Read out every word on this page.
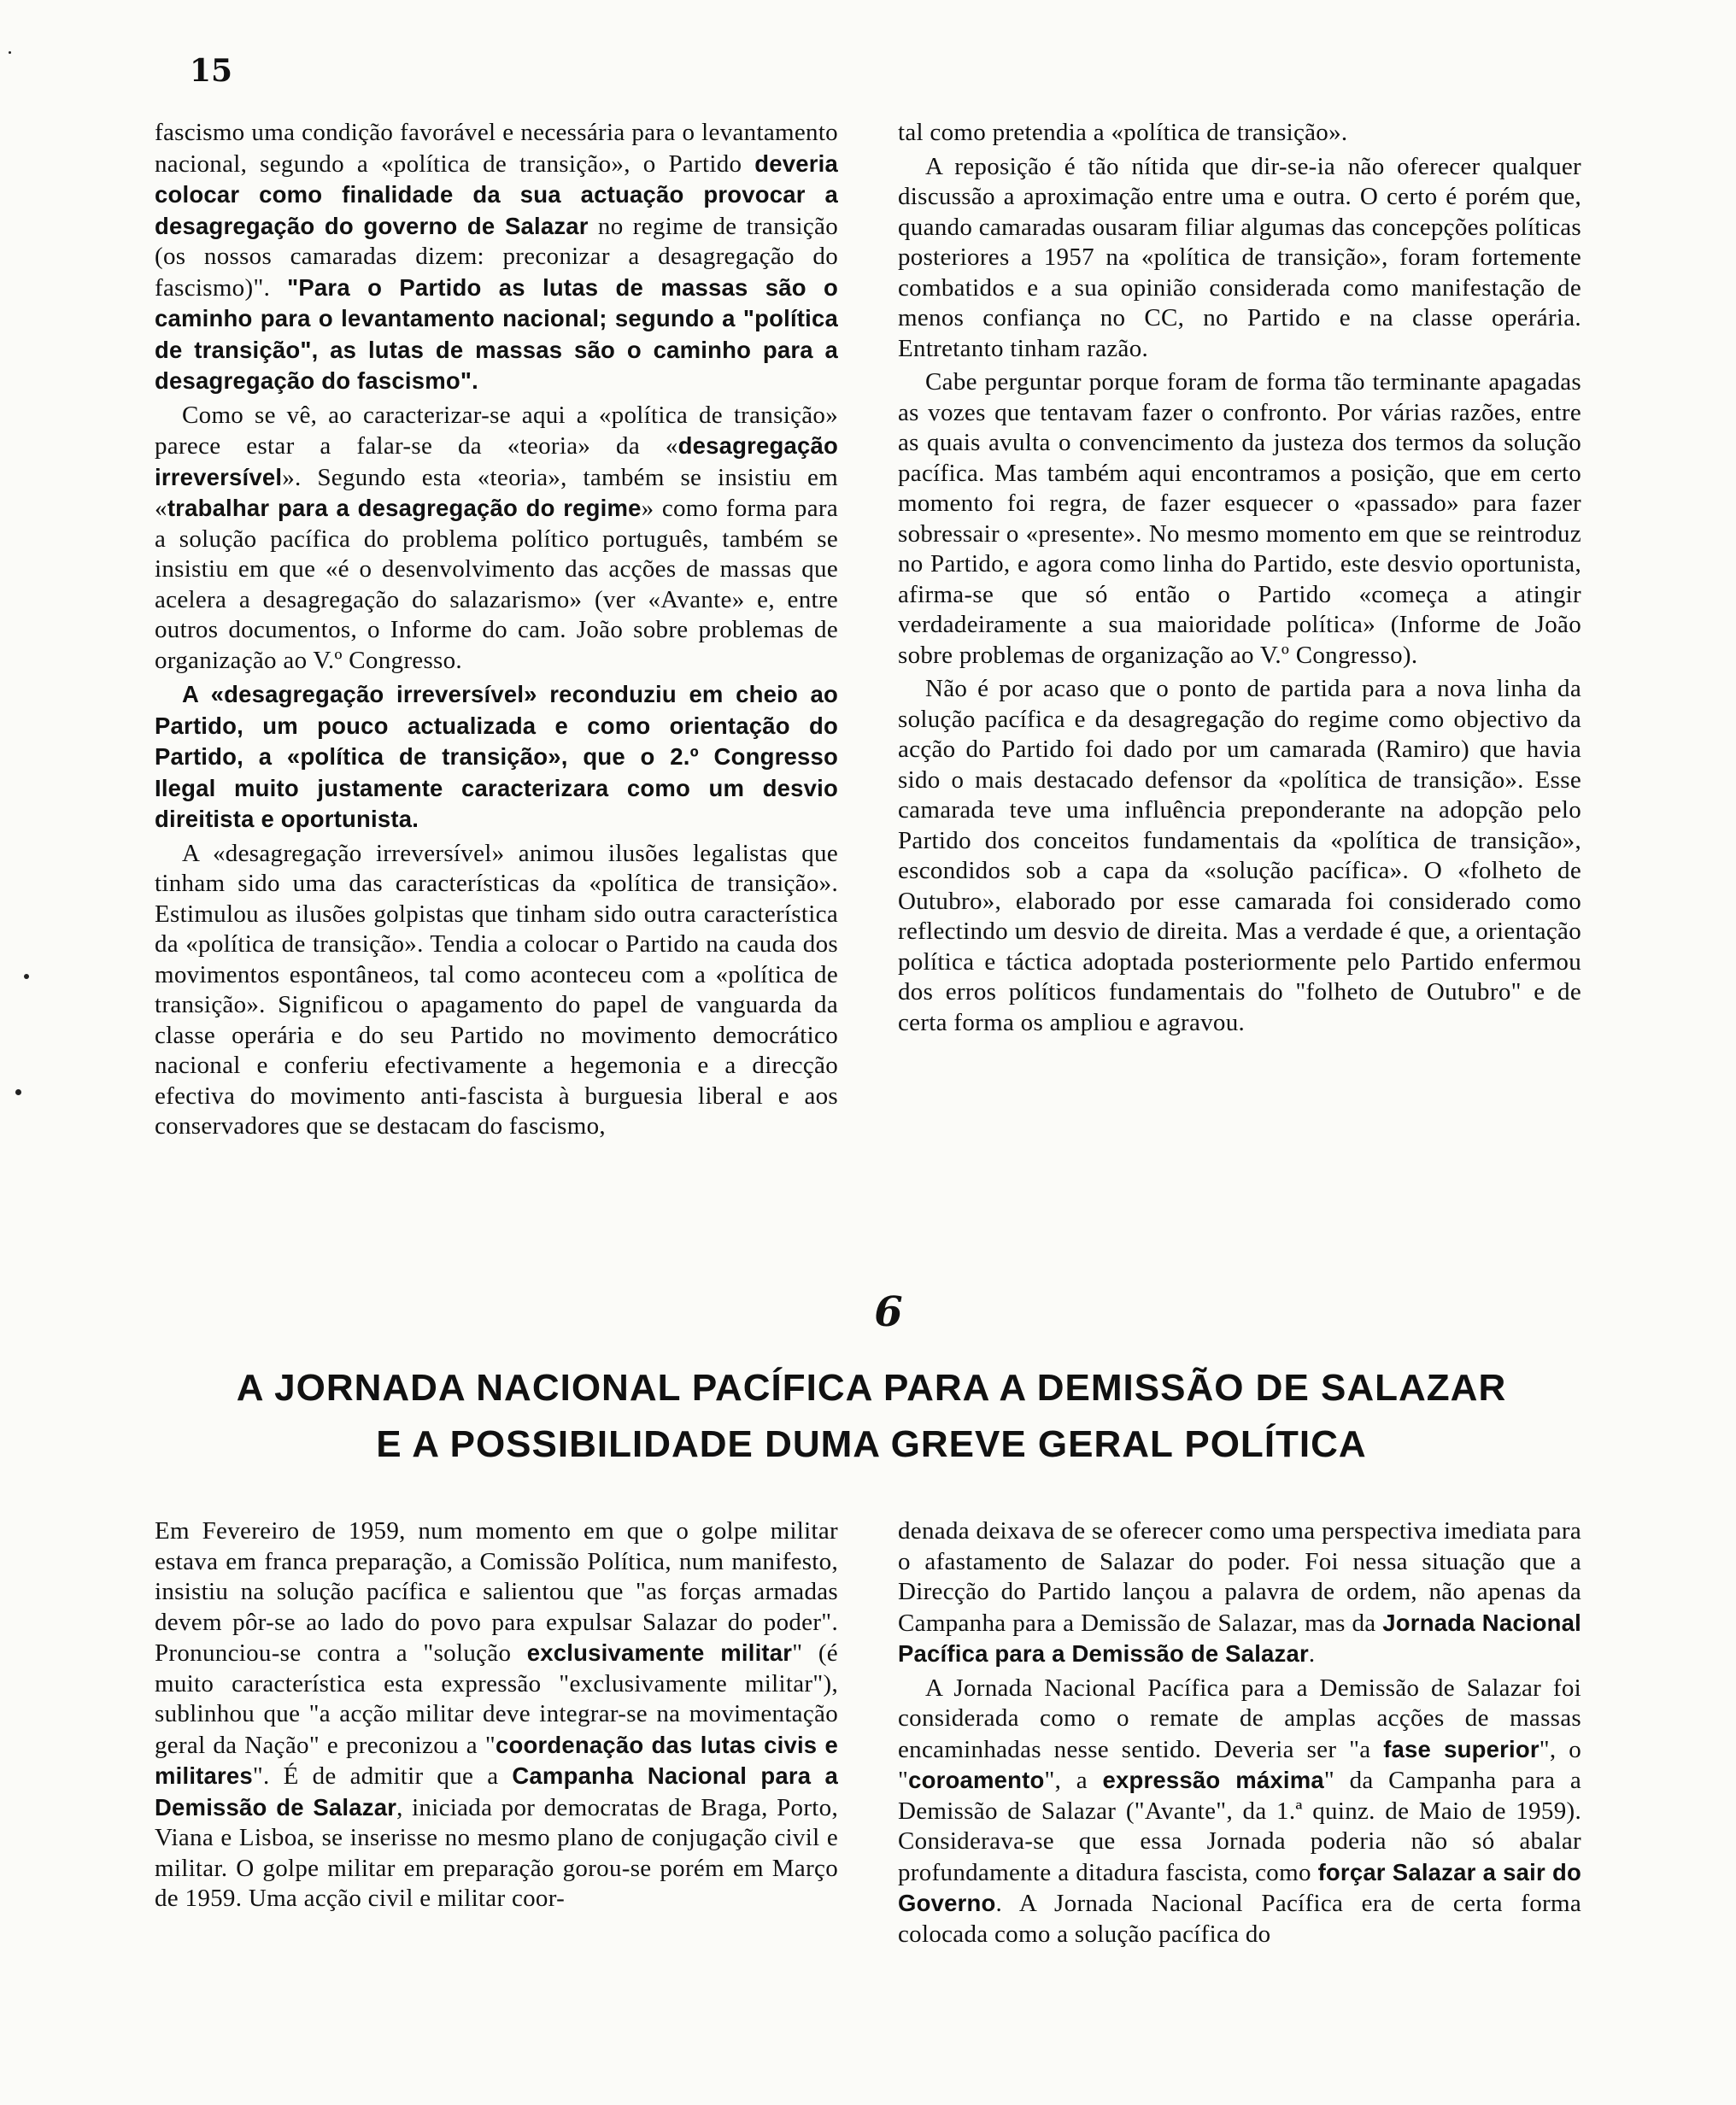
15

fascismo uma condição favorável e necessária para o levantamento nacional, segundo a «política de transição», o Partido deveria colocar como finalidade da sua actuação provocar a desagregação do governo de Salazar no regime de transição (os nossos camaradas dizem: preconizar a desagregação do fascismo)". "Para o Partido as lutas de massas são o caminho para o levantamento nacional; segundo a "política de transição", as lutas de massas são o caminho para a desagregação do fascismo".

Como se vê, ao caracterizar-se aqui a «política de transição» parece estar a falar-se da «teoria» da «desagregação irreversível». Segundo esta «teoria», também se insistiu em «trabalhar para a desagregação do regime» como forma para a solução pacífica do problema político português, também se insistiu em que «é o desenvolvimento das acções de massas que acelera a desagregação do salazarismo» (ver «Avante» e, entre outros documentos, o Informe do cam. João sobre problemas de organização ao V.º Congresso.

A «desagregação irreversível» reconduziu em cheio ao Partido, um pouco actualizada e como orientação do Partido, a «política de transição», que o 2.º Congresso Ilegal muito justamente caracterizara como um desvio direitista e oportunista.

A «desagregação irreversível» animou ilusões legalistas que tinham sido uma das características da «política de transição». Estimulou as ilusões golpistas que tinham sido outra característica da «política de transição». Tendia a colocar o Partido na cauda dos movimentos espontâneos, tal como aconteceu com a «política de transição». Significou o apagamento do papel de vanguarda da classe operária e do seu Partido no movimento democrático nacional e conferiu efectivamente a hegemonia e a direcção efectiva do movimento anti-fascista à burguesia liberal e aos conservadores que se destacam do fascismo,

tal como pretendia a «política de transição».

A reposição é tão nítida que dir-se-ia não oferecer qualquer discussão a aproximação entre uma e outra. O certo é porém que, quando camaradas ousaram filiar algumas das concepções políticas posteriores a 1957 na «política de transição», foram fortemente combatidos e a sua opinião considerada como manifestação de menos confiança no CC, no Partido e na classe operária. Entretanto tinham razão.

Cabe perguntar porque foram de forma tão terminante apagadas as vozes que tentavam fazer o confronto. Por várias razões, entre as quais avulta o convencimento da justeza dos termos da solução pacífica. Mas também aqui encontramos a posição, que em certo momento foi regra, de fazer esquecer o «passado» para fazer sobressair o «presente». No mesmo momento em que se reintroduz no Partido, e agora como linha do Partido, este desvio oportunista, afirma-se que só então o Partido «começa a atingir verdadeiramente a sua maioridade política» (Informe de João sobre problemas de organização ao V.º Congresso).

Não é por acaso que o ponto de partida para a nova linha da solução pacífica e da desagregação do regime como objectivo da acção do Partido foi dado por um camarada (Ramiro) que havia sido o mais destacado defensor da «política de transição». Esse camarada teve uma influência preponderante na adopção pelo Partido dos conceitos fundamentais da «política de transição», escondidos sob a capa da «solução pacífica». O «folheto de Outubro», elaborado por esse camarada foi considerado como reflectindo um desvio de direita. Mas a verdade é que, a orientação política e táctica adoptada posteriormente pelo Partido enfermou dos erros políticos fundamentais do "folheto de Outubro" e de certa forma os ampliou e agravou.

6
A JORNADA NACIONAL PACÍFICA PARA A DEMISSÃO DE SALAZAR
E A POSSIBILIDADE DUMA GREVE GERAL POLÍTICA

Em Fevereiro de 1959, num momento em que o golpe militar estava em franca preparação, a Comissão Política, num manifesto, insistiu na solução pacífica e salientou que "as forças armadas devem pôr-se ao lado do povo para expulsar Salazar do poder". Pronunciou-se contra a "solução exclusivamente militar" (é muito característica esta expressão "exclusivamente militar"), sublinhou que "a acção militar deve integrar-se na movimentação geral da Nação" e preconizou a "coordenação das lutas civis e militares". É de admitir que a Campanha Nacional para a Demissão de Salazar, iniciada por democratas de Braga, Porto, Viana e Lisboa, se inserisse no mesmo plano de conjugação civil e militar. O golpe militar em preparação gorou-se porém em Março de 1959. Uma acção civil e militar coor-

denada deixava de se oferecer como uma perspectiva imediata para o afastamento de Salazar do poder. Foi nessa situação que a Direcção do Partido lançou a palavra de ordem, não apenas da Campanha para a Demissão de Salazar, mas da Jornada Nacional Pacífica para a Demissão de Salazar.

A Jornada Nacional Pacífica para a Demissão de Salazar foi considerada como o remate de amplas acções de massas encaminhadas nesse sentido. Deveria ser "a fase superior", o "coroamento", a expressão máxima" da Campanha para a Demissão de Salazar ("Avante", da 1.ª quinz. de Maio de 1959). Considerava-se que essa Jornada poderia não só abalar profundamente a ditadura fascista, como forçar Salazar a sair do Governo. A Jornada Nacional Pacífica era de certa forma colocada como a solução pacífica do
